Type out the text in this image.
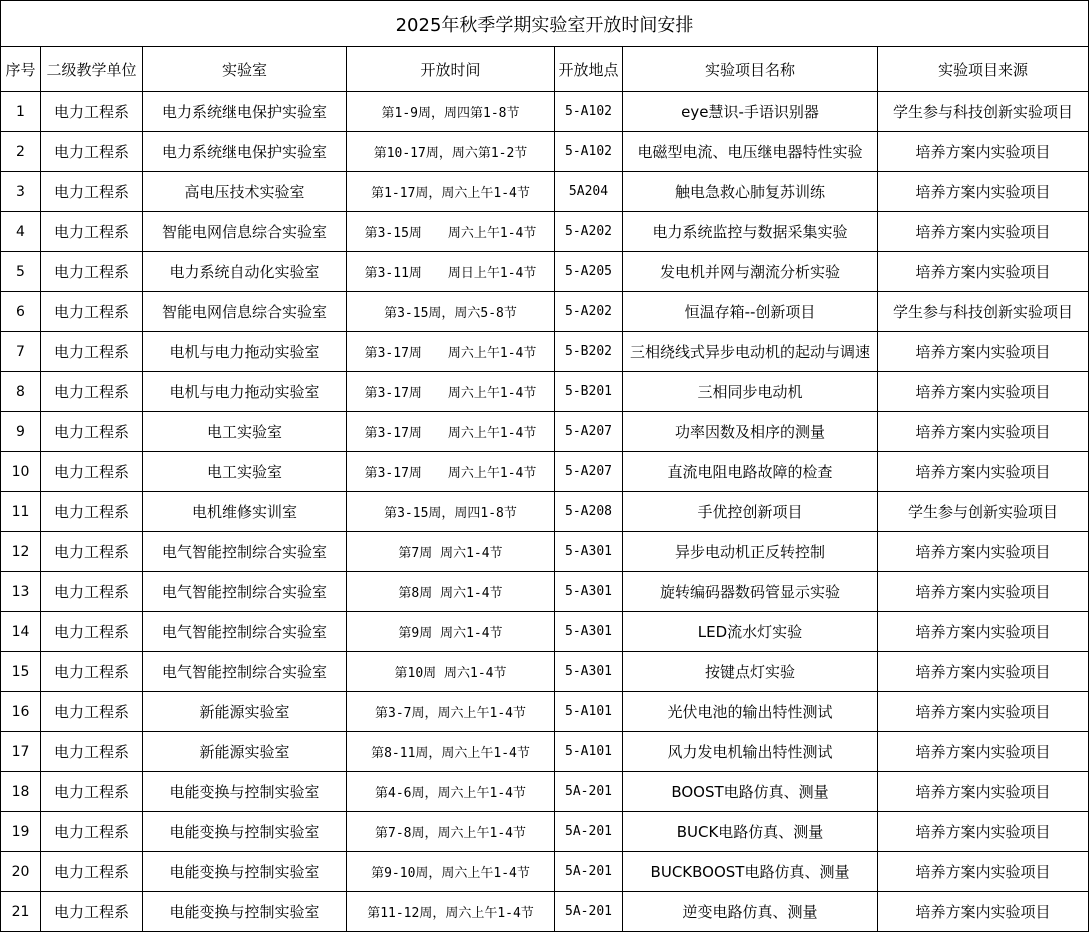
2025年秋季学期实验室开放时间安排						
序号	二级教学单位	实验室	开放时间	开放地点	实验项目名称	实验项目来源
1	电力工程系	电力系统继电保护实验室	第1-9周，周四第1-8节	5-A102	eye慧识-手语识别器	学生参与科技创新实验项目
2	电力工程系	电力系统继电保护实验室	第10-17周，周六第1-2节	5-A102	电磁型电流、电压继电器特性实验	培养方案内实验项目
3	电力工程系	高电压技术实验室	第1-17周，周六上午1-4节	5A204	触电急救心肺复苏训练	培养方案内实验项目
4	电力工程系	智能电网信息综合实验室	第3-15周　　周六上午1-4节	5-A202	电力系统监控与数据采集实验	培养方案内实验项目
5	电力工程系	电力系统自动化实验室	第3-11周　　周日上午1-4节	5-A205	发电机并网与潮流分析实验	培养方案内实验项目
6	电力工程系	智能电网信息综合实验室	第3-15周，周六5-8节	5-A202	恒温存箱--创新项目	学生参与科技创新实验项目
7	电力工程系	电机与电力拖动实验室	第3-17周　　周六上午1-4节	5-B202	三相绕线式异步电动机的起动与调速	培养方案内实验项目
8	电力工程系	电机与电力拖动实验室	第3-17周　　周六上午1-4节	5-B201	三相同步电动机	培养方案内实验项目
9	电力工程系	电工实验室	第3-17周　　周六上午1-4节	5-A207	功率因数及相序的测量	培养方案内实验项目
10	电力工程系	电工实验室	第3-17周　　周六上午1-4节	5-A207	直流电阻电路故障的检查	培养方案内实验项目
11	电力工程系	电机维修实训室	第3-15周，周四1-8节	5-A208	手优控创新项目	学生参与创新实验项目
12	电力工程系	电气智能控制综合实验室	第7周 周六1-4节	5-A301	异步电动机正反转控制	培养方案内实验项目
13	电力工程系	电气智能控制综合实验室	第8周 周六1-4节	5-A301	旋转编码器数码管显示实验	培养方案内实验项目
14	电力工程系	电气智能控制综合实验室	第9周 周六1-4节	5-A301	LED流水灯实验	培养方案内实验项目
15	电力工程系	电气智能控制综合实验室	第10周 周六1-4节	5-A301	按键点灯实验	培养方案内实验项目
16	电力工程系	新能源实验室	第3-7周，周六上午1-4节	5-A101	光伏电池的输出特性测试	培养方案内实验项目
17	电力工程系	新能源实验室	第8-11周，周六上午1-4节	5-A101	风力发电机输出特性测试	培养方案内实验项目
18	电力工程系	电能变换与控制实验室	第4-6周，周六上午1-4节	5A-201	BOOST电路仿真、测量	培养方案内实验项目
19	电力工程系	电能变换与控制实验室	第7-8周，周六上午1-4节	5A-201	BUCK电路仿真、测量	培养方案内实验项目
20	电力工程系	电能变换与控制实验室	第9-10周，周六上午1-4节	5A-201	BUCKBOOST电路仿真、测量	培养方案内实验项目
21	电力工程系	电能变换与控制实验室	第11-12周，周六上午1-4节	5A-201	逆变电路仿真、测量	培养方案内实验项目
